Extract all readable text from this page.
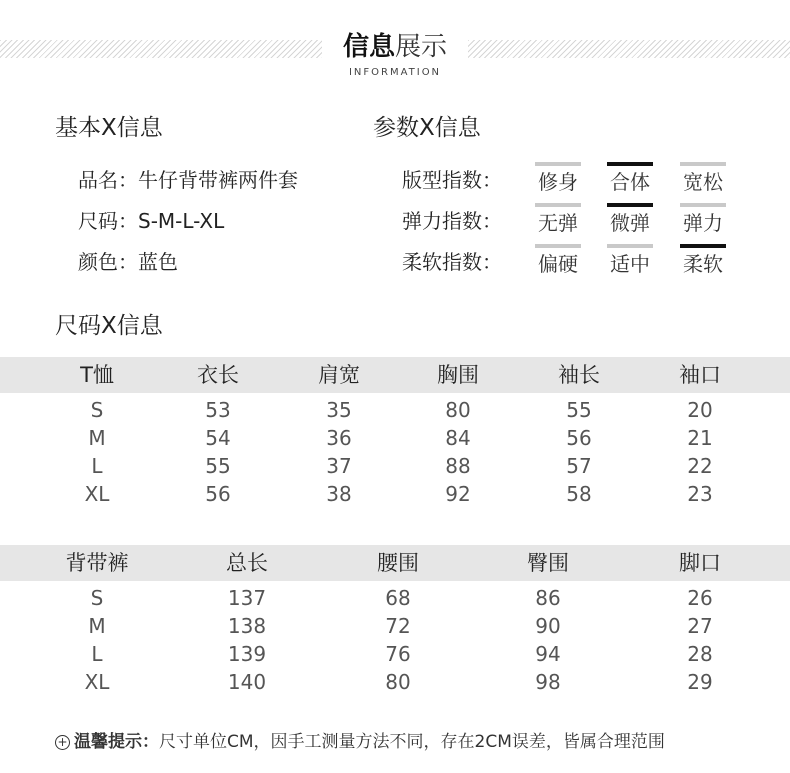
信息展示
INFORMATION
基本X信息
品名：牛仔背带裤两件套
尺码：S-M-L-XL
颜色：蓝色
参数X信息
版型指数： 修身 合体 宽松
弹力指数： 无弹 微弹 弹力
柔软指数： 偏硬 适中 柔软
尺码X信息
T恤	衣长	肩宽	胸围	袖长	袖口
S	53	35	80	55	20
M	54	36	84	56	21
L	55	37	88	57	22
XL	56	38	92	58	23
背带裤	总长	腰围	臀围	脚口
S	137	68	86	26
M	138	72	90	27
L	139	76	94	28
XL	140	80	98	29
+ 温馨提示：尺寸单位CM，因手工测量方法不同，存在2CM误差，皆属合理范围
